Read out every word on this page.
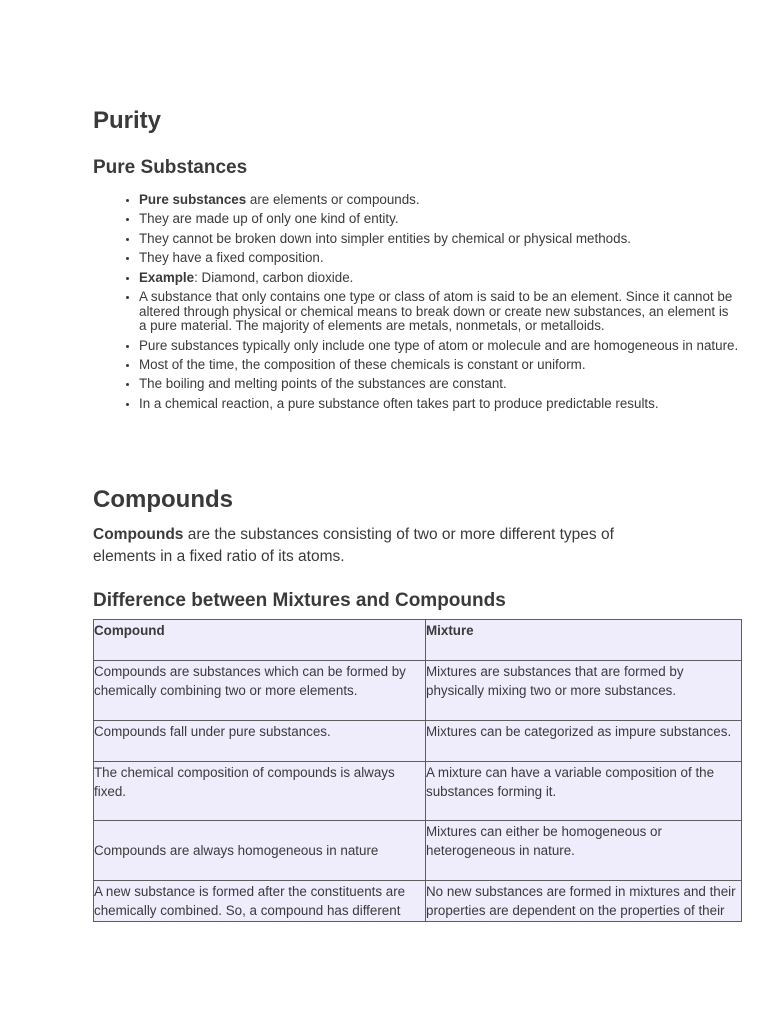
Purity
Pure Substances
• Pure substances are elements or compounds.
• They are made up of only one kind of entity.
• They cannot be broken down into simpler entities by chemical or physical methods.
• They have a fixed composition.
• Example: Diamond, carbon dioxide.
• A substance that only contains one type or class of atom is said to be an element. Since it cannot be altered through physical or chemical means to break down or create new substances, an element is a pure material. The majority of elements are metals, nonmetals, or metalloids.
• Pure substances typically only include one type of atom or molecule and are homogeneous in nature.
• Most of the time, the composition of these chemicals is constant or uniform.
• The boiling and melting points of the substances are constant.
• In a chemical reaction, a pure substance often takes part to produce predictable results.
Compounds

Compounds are the substances consisting of two or more different types of elements in a fixed ratio of its atoms.

Difference between Mixtures and Compounds
Compound	Mixture
Compounds are substances which can be formed by chemically combining two or more elements.	Mixtures are substances that are formed by physically mixing two or more substances.
Compounds fall under pure substances.	Mixtures can be categorized as impure substances.
The chemical composition of compounds is always fixed.	A mixture can have a variable composition of the substances forming it.
Compounds are always homogeneous in nature	Mixtures can either be homogeneous or heterogeneous in nature.

A new substance is formed after the constituents are chemically combined. So, a compound has different	No new substances are formed in mixtures and their properties are dependent on the properties of their
